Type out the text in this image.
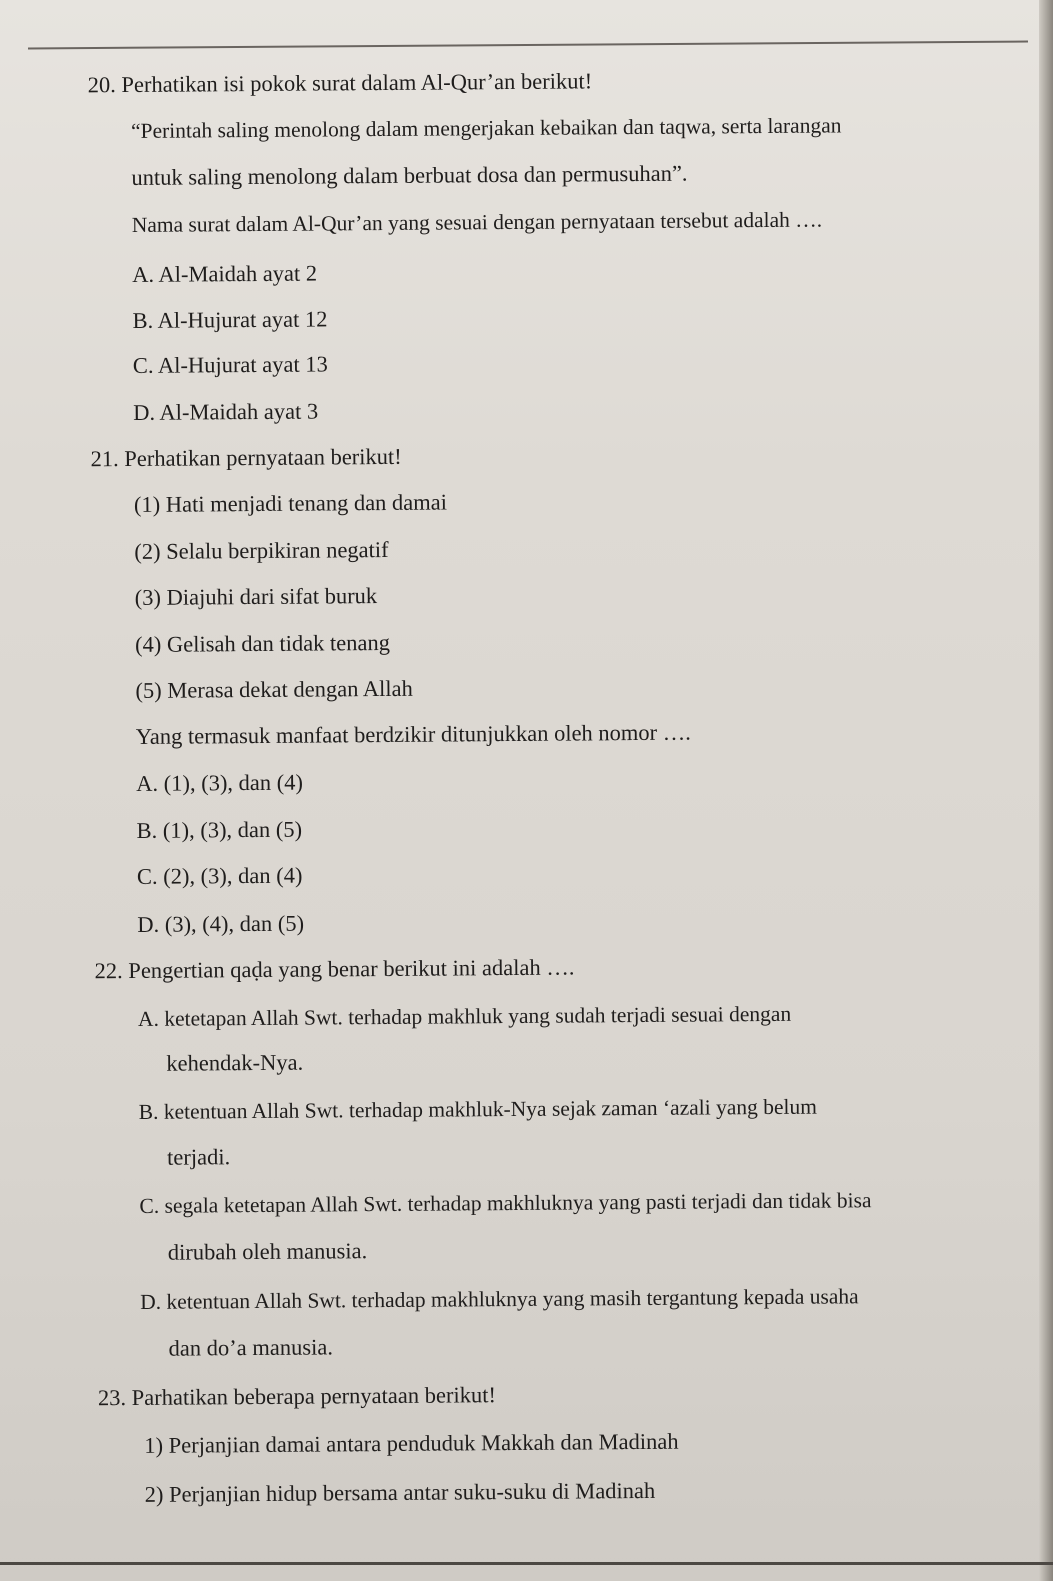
20. Perhatikan isi pokok surat dalam Al-Qur’an berikut!
“Perintah saling menolong dalam mengerjakan kebaikan dan taqwa, serta larangan
untuk saling menolong dalam berbuat dosa dan permusuhan”.
Nama surat dalam Al-Qur’an yang sesuai dengan pernyataan tersebut adalah ….
A. Al-Maidah ayat 2
B. Al-Hujurat ayat 12
C. Al-Hujurat ayat 13
D. Al-Maidah ayat 3
21. Perhatikan pernyataan berikut!
(1) Hati menjadi tenang dan damai
(2) Selalu berpikiran negatif
(3) Diajuhi dari sifat buruk
(4) Gelisah dan tidak tenang
(5) Merasa dekat dengan Allah
Yang termasuk manfaat berdzikir ditunjukkan oleh nomor ….
A. (1), (3), dan (4)
B. (1), (3), dan (5)
C. (2), (3), dan (4)
D. (3), (4), dan (5)
22. Pengertian qaḍa yang benar berikut ini adalah ….
A. ketetapan Allah Swt. terhadap makhluk yang sudah terjadi sesuai dengan
kehendak-Nya.
B. ketentuan Allah Swt. terhadap makhluk-Nya sejak zaman ‘azali yang belum
terjadi.
C. segala ketetapan Allah Swt. terhadap makhluknya yang pasti terjadi dan tidak bisa
dirubah oleh manusia.
D. ketentuan Allah Swt. terhadap makhluknya yang masih tergantung kepada usaha
dan do’a manusia.
23. Parhatikan beberapa pernyataan berikut!
1) Perjanjian damai antara penduduk Makkah dan Madinah
2) Perjanjian hidup bersama antar suku-suku di Madinah
